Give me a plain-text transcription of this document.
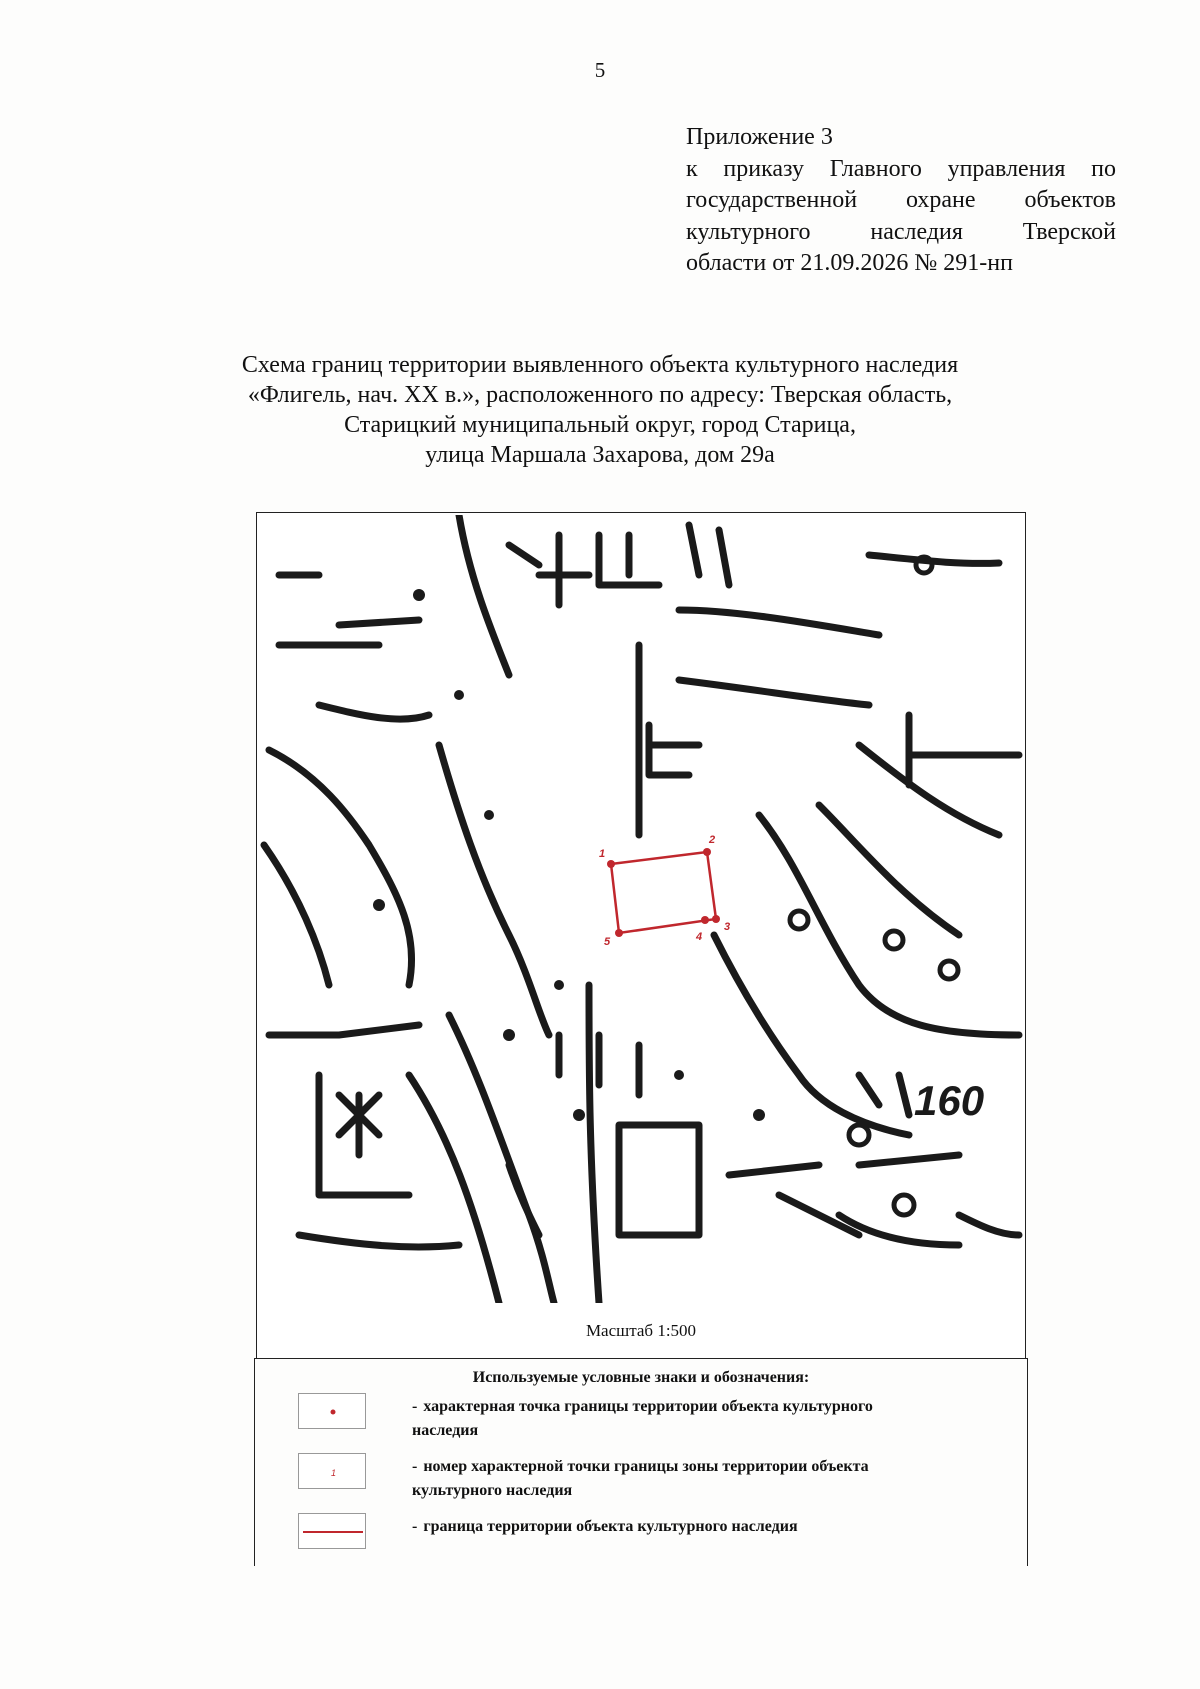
5
Приложение 3
к приказу Главного управления по
государственной охране объектов
культурного наследия Тверской
области от 21.09.2026 № 291-нп
Схема границ территории выявленного объекта культурного наследия
«Флигель, нач. XX в.», расположенного по адресу: Тверская область,
Старицкий муниципальный округ, город Старица,
улица Маршала Захарова, дом 29а
160
1
2
3
4
5
Масштаб 1:500
Используемые условные знаки и обозначения:
- характерная точка границы территории объекта культурного наследия
1	- номер характерной точки границы зоны территории объекта культурного наследия
- граница территории объекта культурного наследия
